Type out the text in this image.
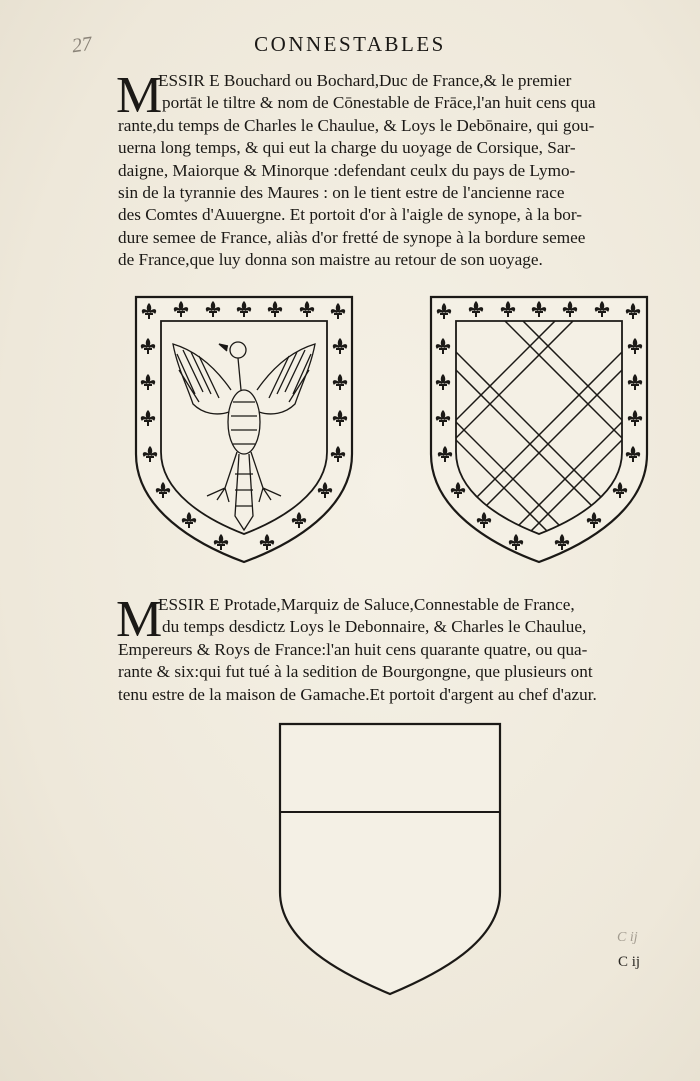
27	CONNESTABLES
M
ESSIR E Bouchard ou Bochard,Duc de France,& le premier
portāt le tiltre & nom de Cōnestable de Frāce,l'an huit cens qua
rante,du temps de Charles le Chaulue, & Loys le Debōnaire, qui gou-
uerna long temps, & qui eut la charge du uoyage de Corsique, Sar-
daigne, Maiorque & Minorque :defendant ceulx du pays de Lymo-
sin de la tyrannie des Maures : on le tient estre de l'ancienne race
des Comtes d'Auuergne. Et portoit d'or à l'aigle de synope, à la bor-
dure semee de France, aliàs d'or fretté de synope à la bordure semee
de France,que luy donna son maistre au retour de son uoyage.
M
ESSIR E Protade,Marquiz de Saluce,Connestable de France,
du temps desdictz Loys le Debonnaire, & Charles le Chaulue,
Empereurs & Roys de France:l'an huit cens quarante quatre, ou qua-
rante & six:qui fut tué à la sedition de Bourgongne, que plusieurs ont
tenu estre de la maison de Gamache.Et portoit d'argent au chef d'azur.
C ij
C ij
